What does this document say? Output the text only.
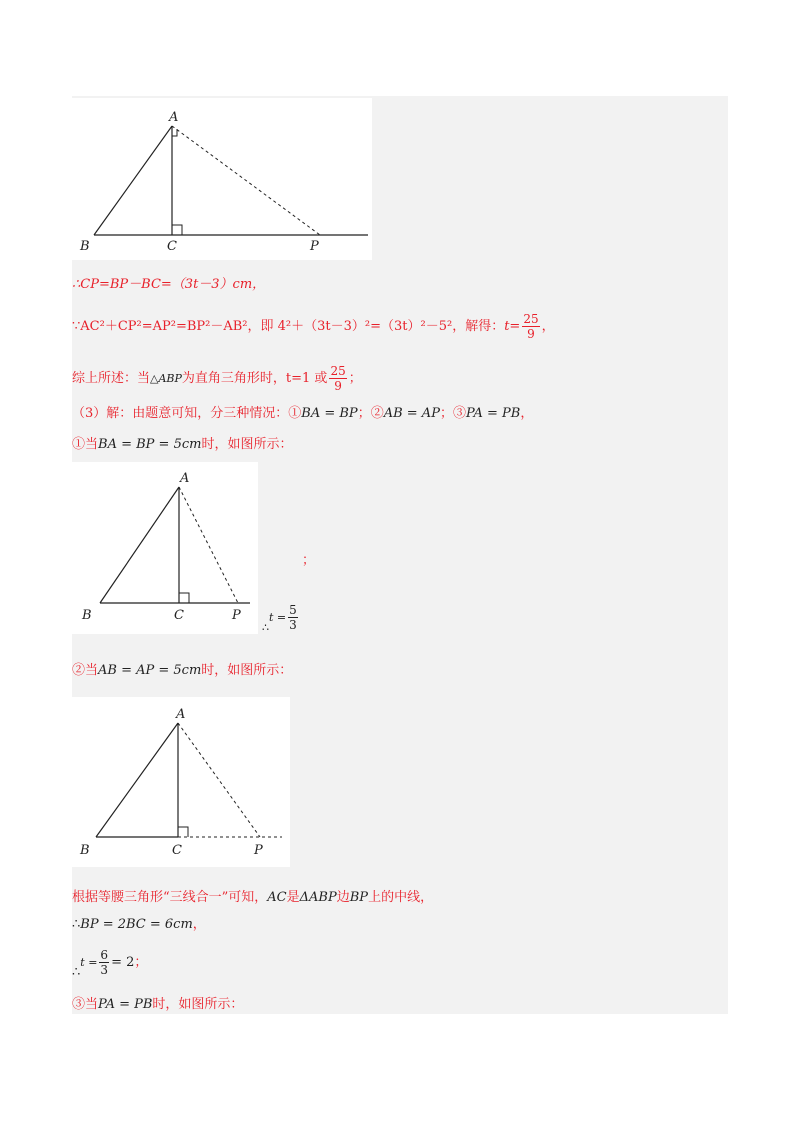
A
B	C	P
∴CP=BP－BC=（3t－3）cm，
∵AC²＋CP²=AP²=BP²－AB²，即 4²＋（3t－3）²=（3t）²－5²，解得：$t= \frac{25}{9}$ ，
综上所述：当△ABP为直角三角形时，t=1 或 $\frac{25}{9}$ ；
（3）解：由题意可知，分三种情况：①BA = BP；②AB = AP；③PA = PB，
①当BA = BP = 5cm时，如图所示：
A
B	C	P
；
$_\therefore t = \frac{5}{3}$
②当AB = AP = 5cm时，如图所示：
A
B	C	P
根据等腰三角形“三线合一”可知，AC是ΔABP边BP上的中线，
∴BP = 2BC = 6cm，
∴t = $\frac{6}{3} = 2$；
③当PA = PB时，如图所示：
